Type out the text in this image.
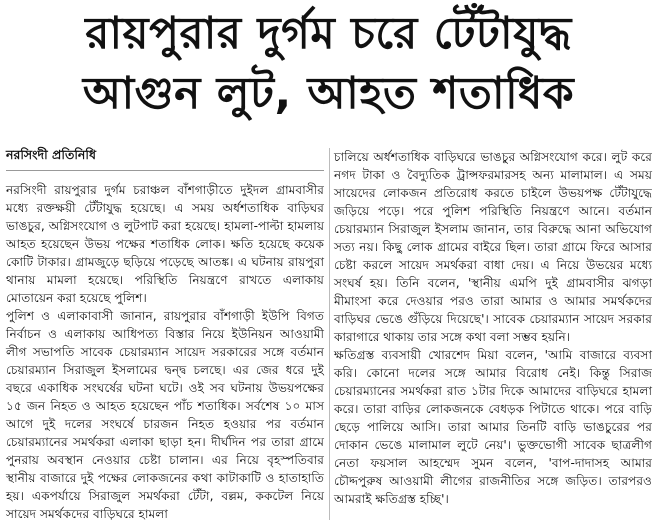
রায়পুরার দুর্গম চরে টেঁটাযুদ্ধ
আগুন লুট, আহত শতাধিক
নরসিংদী প্রতিনিধি

নরসিংদী রায়পুরার দুর্গম চরাঞ্চল বাঁশগাড়ীতে দুইদল গ্রামবাসীর মধ্যে রক্তক্ষয়ী টেঁটাযুদ্ধ হয়েছে। এ সময় অর্ধশতাধিক বাড়িঘর ভাঙচুর, অগ্নিসংযোগ ও লুটপাট করা হয়েছে। হামলা-পাল্টা হামলায় আহত হয়েছেন উভয় পক্ষের শতাধিক লোক। ক্ষতি হয়েছে কয়েক কোটি টাকার। গ্রামজুড়ে ছড়িয়ে পড়েছে আতঙ্ক। এ ঘটনায় রায়পুরা থানায় মামলা হয়েছে। পরিস্থিতি নিয়ন্ত্রণে রাখতে এলাকায় মোতায়েন করা হয়েছে পুলিশ।

পুলিশ ও এলাকাবাসী জানান, রায়পুরার বাঁশগাড়ী ইউপি বিগত নির্বাচন ও এলাকায় আধিপত্য বিস্তার নিয়ে ইউনিয়ন আওয়ামী লীগ সভাপতি সাবেক চেয়ারম্যান সায়েদ সরকারের সঙ্গে বর্তমান চেয়ারম্যান সিরাজুল ইসলামের দ্বন্দ্ব চলছে। এর জের ধরে দুই বছরে একাধিক সংঘর্ষের ঘটনা ঘটে। ওই সব ঘটনায় উভয়পক্ষের ১৫ জন নিহত ও আহত হয়েছেন পাঁচ শতাধিক। সর্বশেষ ১০ মাস আগে দুই দলের সংঘর্ষে চারজন নিহত হওয়ার পর বর্তমান চেয়ারম্যানের সমর্থকরা এলাকা ছাড়া হন। দীর্ঘদিন পর তারা গ্রামে পুনরায় অবস্থান নেওয়ার চেষ্টা চালান। এর নিয়ে বৃহস্পতিবার স্থানীয় বাজারে দুই পক্ষের লোকজনের কথা কাটাকাটি ও হাতাহাতি হয়। একপর্যায়ে সিরাজুল সমর্থকরা টেঁটা, বল্লম, ককটেল নিয়ে সায়েদ সমর্থকদের বাড়িঘরে হামলা

চালিয়ে অর্ধশতাধিক বাড়িঘরে ভাঙচুর অগ্নিসংযোগ করে। লুট করে নগদ টাকা ও বৈদ্যুতিক ট্রান্সফরমারসহ অন্য মালামাল। এ সময় সায়েদের লোকজন প্রতিরোধ করতে চাইলে উভয়পক্ষ টেঁটাযুদ্ধে জড়িয়ে পড়ে। পরে পুলিশ পরিস্থিতি নিয়ন্ত্রণে আনে। বর্তমান চেয়ারম্যান সিরাজুল ইসলাম জানান, তার বিরুদ্ধে আনা অভিযোগ সত্য নয়। কিছু লোক গ্রামের বাইরে ছিল। তারা গ্রামে ফিরে আসার চেষ্টা করলে সায়েদ সমর্থকরা বাধা দেয়। এ নিয়ে উভয়ের মধ্যে সংঘর্ষ হয়। তিনি বলেন, 'স্থানীয় এমপি দুই গ্রামবাসীর ঝগড়া মীমাংসা করে দেওয়ার পরও তারা আমার ও আমার সমর্থকদের বাড়িঘর ভেঙে গুঁড়িয়ে দিয়েছে'। সাবেক চেয়ারম্যান সায়েদ সরকার কারাগারে থাকায় তার সঙ্গে কথা বলা সম্ভব হয়নি।

ক্ষতিগ্রস্ত ব্যবসায়ী খোরশেদ মিয়া বলেন, 'আমি বাজারে ব্যবসা করি। কোনো দলের সঙ্গে আমার বিরোধ নেই। কিন্তু সিরাজ চেয়ারম্যানের সমর্থকরা রাত ১টার দিকে আমাদের বাড়িঘরে হামলা করে। তারা বাড়ির লোকজনকে বেধড়ক পিটাতে থাকে। পরে বাড়ি ছেড়ে পালিয়ে আসি। তারা আমার তিনটি বাড়ি ভাঙচুরের পর দোকান ভেঙে মালামাল লুটে নেয়'। ভুক্তভোগী সাবেক ছাত্রলীগ নেতা ফয়সাল আহম্মেদ সুমন বলেন, 'বাপ-দাদাসহ আমার চৌদ্দপুরুষ আওয়ামী লীগের রাজনীতির সঙ্গে জড়িত। তারপরও আমরাই ক্ষতিগ্রস্ত হচ্ছি'।
